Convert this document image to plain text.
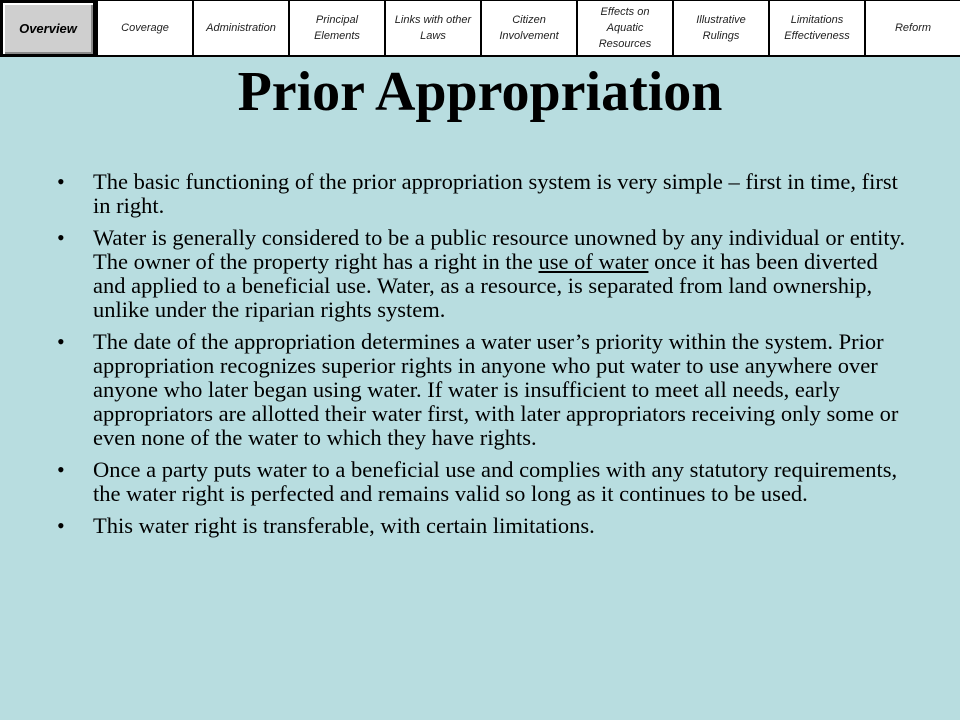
Overview	Coverage	Administration
Principal Elements
Links with other Laws
Citizen Involvement
Effects on Aquatic Resources
Illustrative Rulings
Limitations Effectiveness
Reform
Prior Appropriation
• The basic functioning of the prior appropriation system is very simple – first in time, first in right.
• Water is generally considered to be a public resource unowned by any individual or entity. The owner of the property right has a right in the use of water once it has been diverted and applied to a beneficial use. Water, as a resource, is separated from land ownership, unlike under the riparian rights system.
• The date of the appropriation determines a water user’s priority within the system. Prior appropriation recognizes superior rights in anyone who put water to use anywhere over anyone who later began using water. If water is insufficient to meet all needs, early appropriators are allotted their water first, with later appropriators receiving only some or even none of the water to which they have rights.
• Once a party puts water to a beneficial use and complies with any statutory requirements, the water right is perfected and remains valid so long as it continues to be used.
• This water right is transferable, with certain limitations.
